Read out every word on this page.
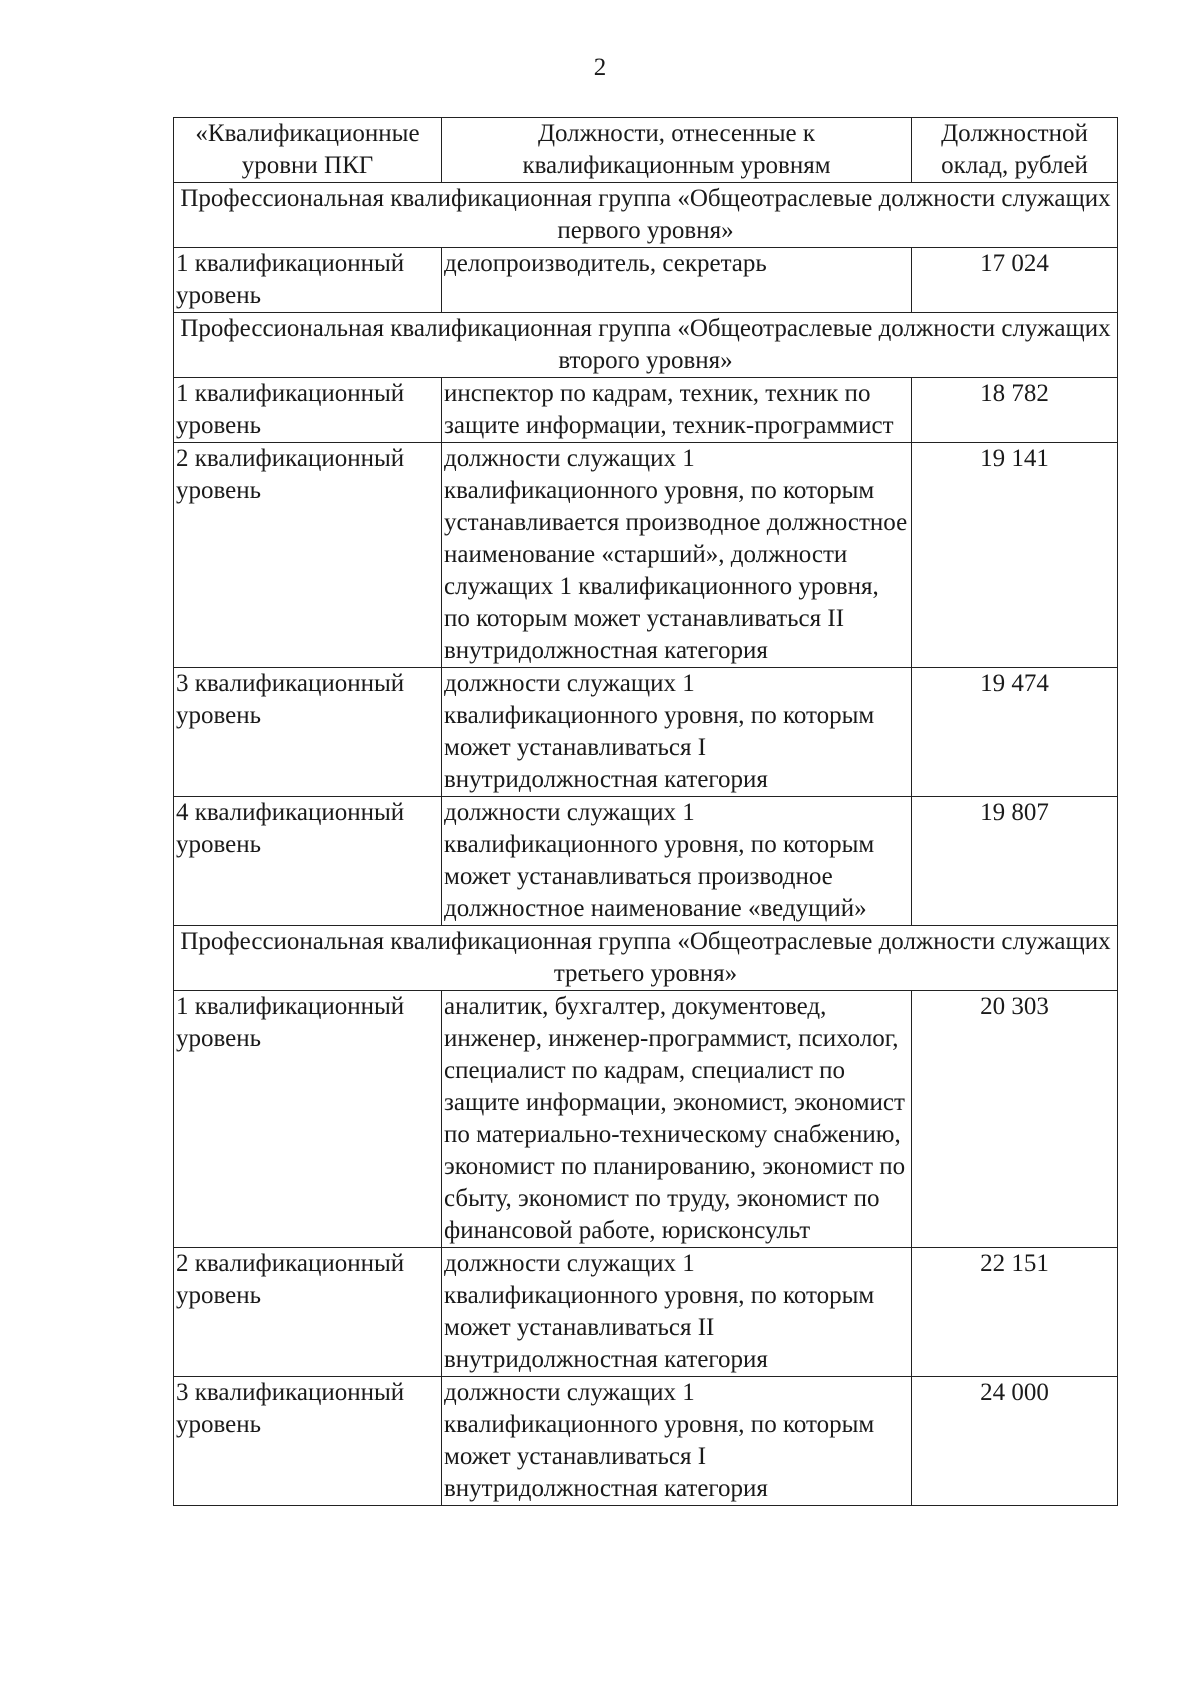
2
«Квалификационные уровни ПКГ	Должности, отнесенные к квалификационным уровням	Должностной оклад, рублей
Профессиональная квалификационная группа «Общеотраслевые должности служащих первого уровня»		
1 квалификационный уровень	делопроизводитель, секретарь	17 024
Профессиональная квалификационная группа «Общеотраслевые должности служащих второго уровня»		
1 квалификационный уровень	инспектор по кадрам, техник, техник по защите информации, техник-программист	18 782
2 квалификационный уровень	должности служащих 1 квалификационного уровня, по которым устанавливается производное должностное наименование «старший», должности служащих 1 квалификационного уровня, по которым может устанавливаться II внутридолжностная категория	19 141
3 квалификационный уровень	должности служащих 1 квалификационного уровня, по которым может устанавливаться I внутридолжностная категория	19 474
4 квалификационный уровень	должности служащих 1 квалификационного уровня, по которым может устанавливаться производное должностное наименование «ведущий»	19 807
Профессиональная квалификационная группа «Общеотраслевые должности служащих третьего уровня»		
1 квалификационный уровень	аналитик, бухгалтер, документовед, инженер, инженер-программист, психолог, специалист по кадрам, специалист по защите информации, экономист, экономист по материально-техническому снабжению, экономист по планированию, экономист по сбыту, экономист по труду, экономист по финансовой работе, юрисконсульт	20 303
2 квалификационный уровень	должности служащих 1 квалификационного уровня, по которым может устанавливаться II внутридолжностная категория	22 151
3 квалификационный уровень	должности служащих 1 квалификационного уровня, по которым может устанавливаться I внутридолжностная категория	24 000
